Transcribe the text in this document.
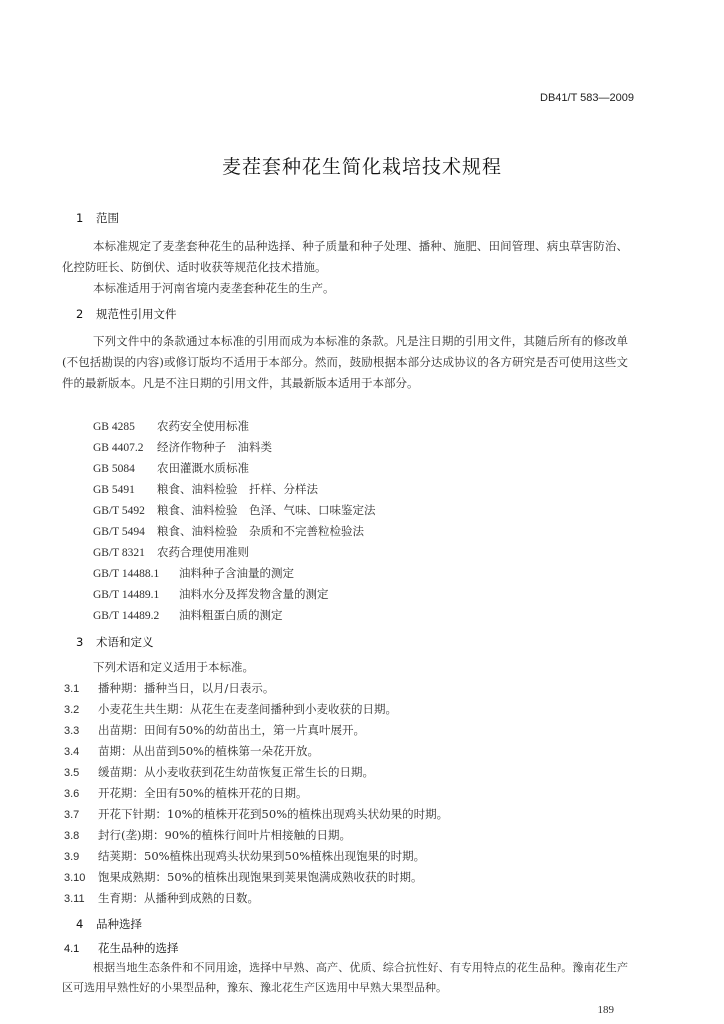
DB41/T 583—2009
麦茬套种花生简化栽培技术规程
1 范围
本标准规定了麦垄套种花生的品种选择、种子质量和种子处理、播种、施肥、田间管理、病虫草害防治、化控防旺长、防倒伏、适时收获等规范化技术措施。
本标准适用于河南省境内麦垄套种花生的生产。
2 规范性引用文件
下列文件中的条款通过本标准的引用而成为本标准的条款。凡是注日期的引用文件，其随后所有的修改单(不包括勘误的内容)或修订版均不适用于本部分。然而，鼓励根据本部分达成协议的各方研究是否可使用这些文件的最新版本。凡是不注日期的引用文件，其最新版本适用于本部分。
GB 4285 农药安全使用标准
GB 4407.2 经济作物种子　油料类
GB 5084 农田灌溉水质标准
GB 5491 粮食、油料检验　扦样、分样法
GB/T 5492 粮食、油料检验　色泽、气味、口味鉴定法
GB/T 5494 粮食、油料检验　杂质和不完善粒检验法
GB/T 8321 农药合理使用准则
GB/T 14488.1 油料种子含油量的测定
GB/T 14489.1 油料水分及挥发物含量的测定
GB/T 14489.2 油料粗蛋白质的测定
3 术语和定义
下列术语和定义适用于本标准。
3.1 播种期：播种当日，以月/日表示。
3.2 小麦花生共生期：从花生在麦垄间播种到小麦收获的日期。
3.3 出苗期：田间有50%的幼苗出土，第一片真叶展开。
3.4 苗期：从出苗到50%的植株第一朵花开放。
3.5 缓苗期：从小麦收获到花生幼苗恢复正常生长的日期。
3.6 开花期：全田有50%的植株开花的日期。
3.7 开花下针期：10%的植株开花到50%的植株出现鸡头状幼果的时期。
3.8 封行(垄)期：90%的植株行间叶片相接触的日期。
3.9 结荚期：50%植株出现鸡头状幼果到50%植株出现饱果的时期。
3.10 饱果成熟期：50%的植株出现饱果到荚果饱满成熟收获的时期。
3.11 生育期：从播种到成熟的日数。
4 品种选择
4.1 花生品种的选择
根据当地生态条件和不同用途，选择中早熟、高产、优质、综合抗性好、有专用特点的花生品种。豫南花生产区可选用早熟性好的小果型品种，豫东、豫北花生产区选用中早熟大果型品种。
189
